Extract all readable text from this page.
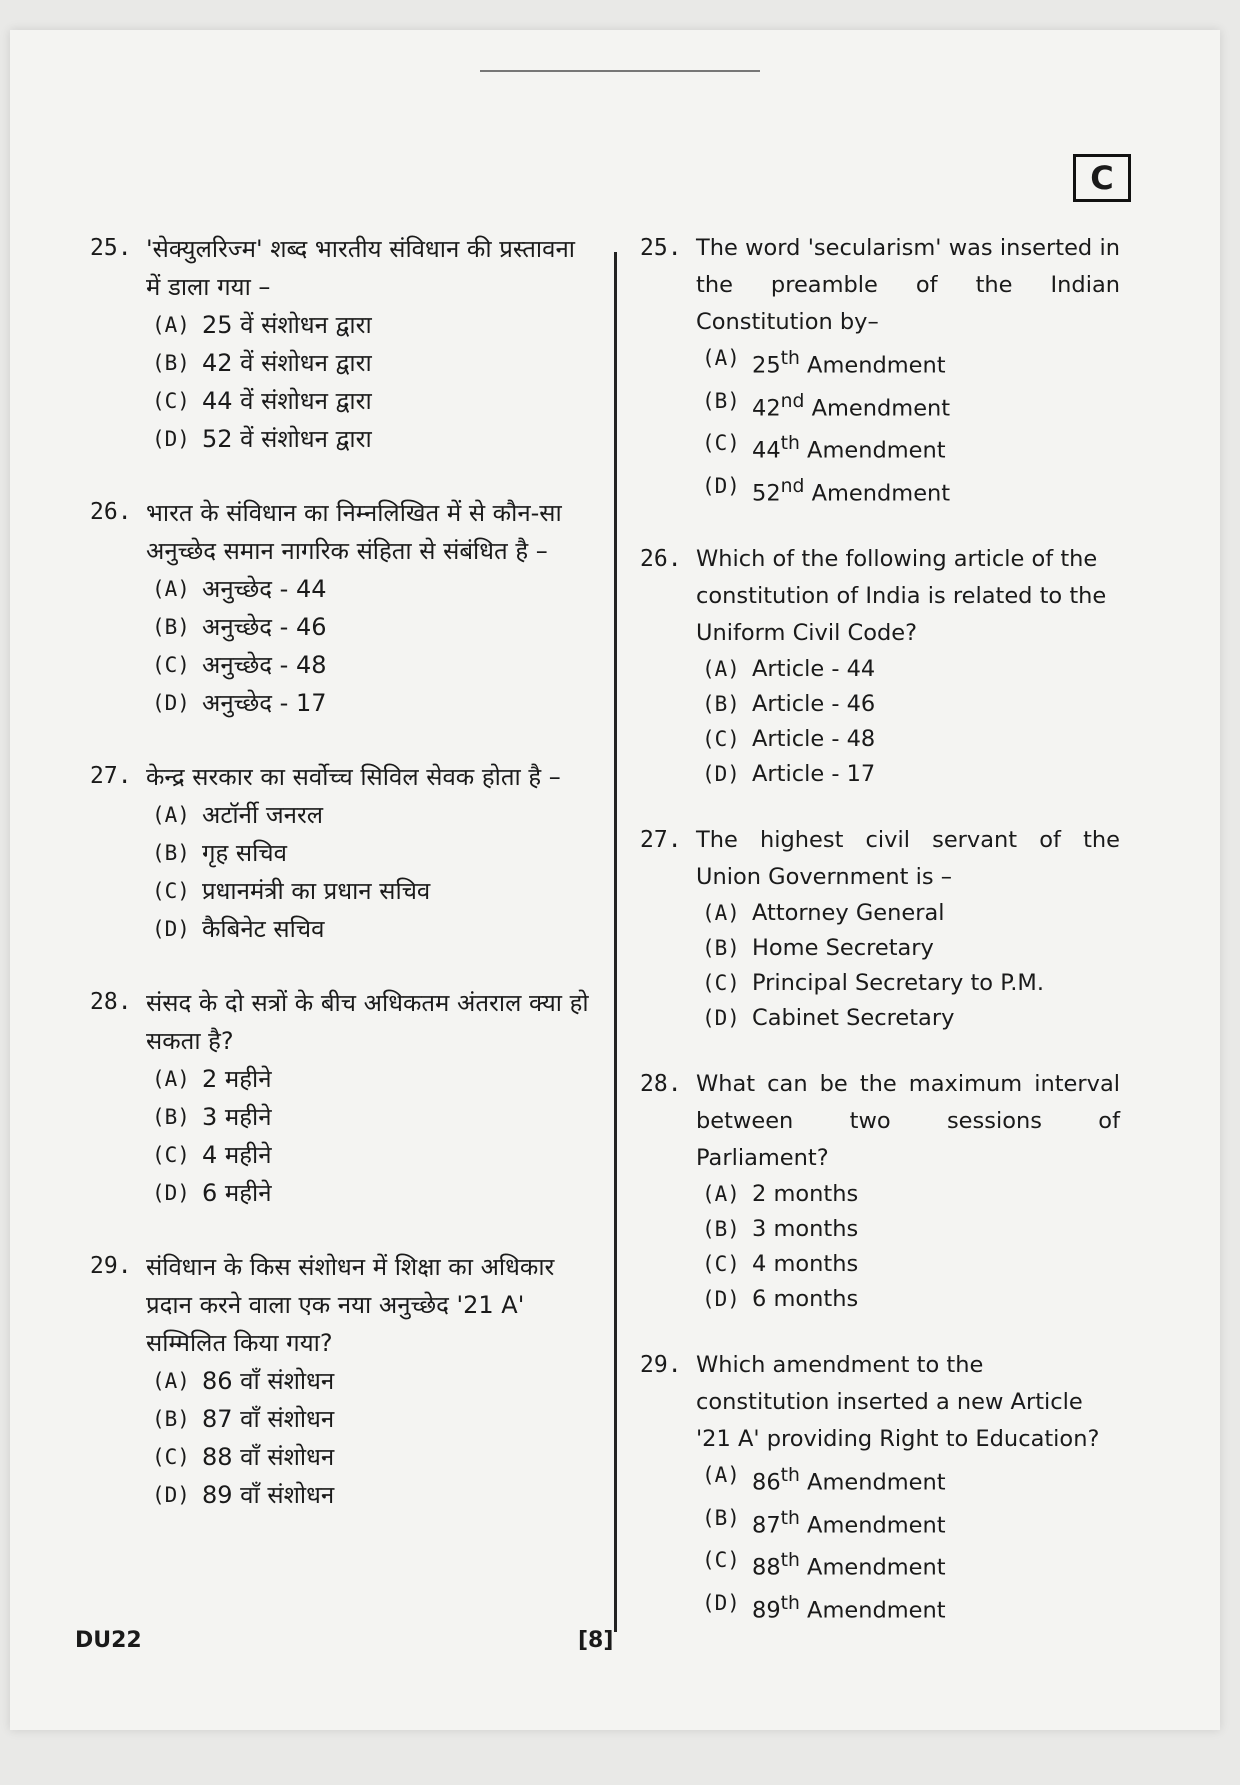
C
25. 'सेक्युलरिज्म' शब्द भारतीय संविधान की प्रस्तावना में डाला गया –
(A) 25 वें संशोधन द्वारा
(B) 42 वें संशोधन द्वारा
(C) 44 वें संशोधन द्वारा
(D) 52 वें संशोधन द्वारा
26. भारत के संविधान का निम्नलिखित में से कौन-सा अनुच्छेद समान नागरिक संहिता से संबंधित है –
(A) अनुच्छेद - 44
(B) अनुच्छेद - 46
(C) अनुच्छेद - 48
(D) अनुच्छेद - 17
27. केन्द्र सरकार का सर्वोच्च सिविल सेवक होता है –
(A) अटॉर्नी जनरल
(B) गृह सचिव
(C) प्रधानमंत्री का प्रधान सचिव
(D) कैबिनेट सचिव
28. संसद के दो सत्रों के बीच अधिकतम अंतराल क्या हो सकता है?
(A) 2 महीने
(B) 3 महीने
(C) 4 महीने
(D) 6 महीने
29. संविधान के किस संशोधन में शिक्षा का अधिकार प्रदान करने वाला एक नया अनुच्छेद '21 A' सम्मिलित किया गया?
(A) 86 वाँ संशोधन
(B) 87 वाँ संशोधन
(C) 88 वाँ संशोधन
(D) 89 वाँ संशोधन
25. The word 'secularism' was inserted in the preamble of the Indian
Constitution by–
(A) 25th Amendment
(B) 42nd Amendment
(C) 44th Amendment
(D) 52nd Amendment
26. Which of the following article of the constitution of India is related to the Uniform Civil Code?
(A) Article - 44
(B) Article - 46
(C) Article - 48
(D) Article - 17
27. The highest civil servant of the
Union Government is –
(A) Attorney General
(B) Home Secretary
(C) Principal Secretary to P.M.
(D) Cabinet Secretary
28. What can be the maximum interval between two sessions of
Parliament?
(A) 2 months
(B) 3 months
(C) 4 months
(D) 6 months
29. Which amendment to the constitution inserted a new Article '21 A' providing Right to Education?
(A) 86th Amendment
(B) 87th Amendment
(C) 88th Amendment
(D) 89th Amendment
DU22	[8]
